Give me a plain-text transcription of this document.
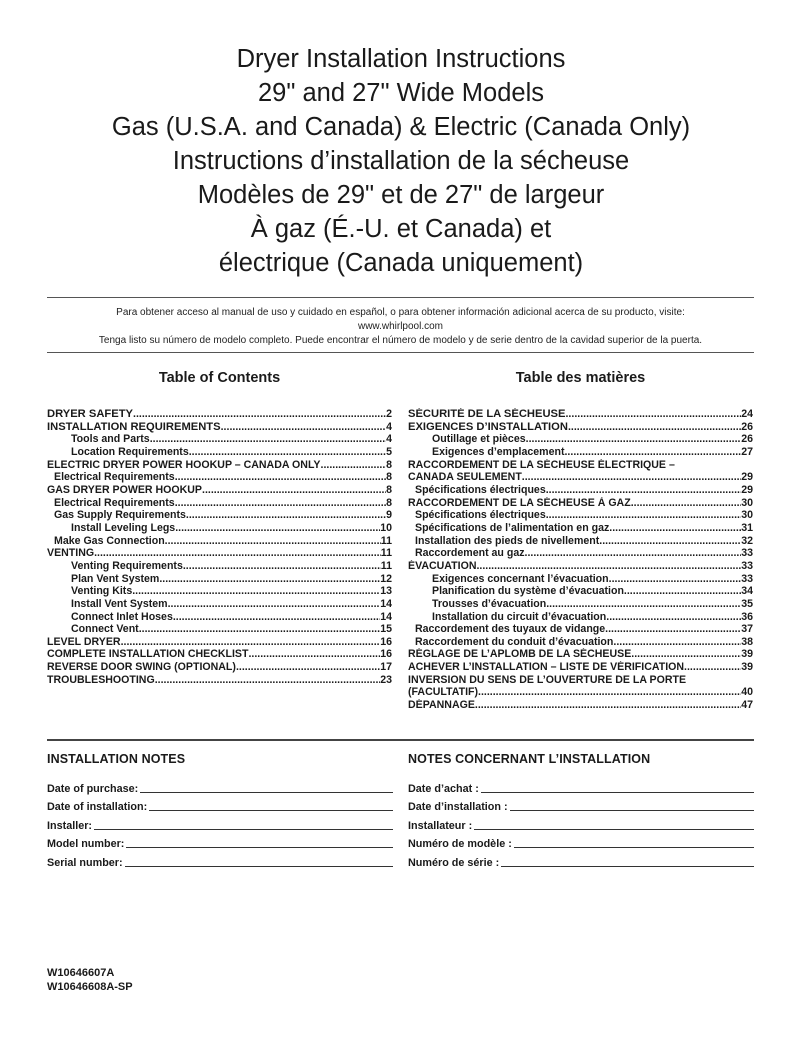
Dryer Installation Instructions
29" and 27" Wide Models
Gas (U.S.A. and Canada) & Electric (Canada Only)
Instructions d’installation de la sécheuse
Modèles de 29" et de 27" de largeur
À gaz (É.-U. et Canada) et
électrique (Canada uniquement)
Para obtener acceso al manual de uso y cuidado en español, o para obtener información adicional acerca de su producto, visite:
www.whirlpool.com
Tenga listo su número de modelo completo. Puede encontrar el número de modelo y de serie dentro de la cavidad superior de la puerta.
Table of Contents
DRYER SAFETY .....	2
INSTALLATION REQUIREMENTS .....	4
Tools and Parts .....	4
Location Requirements .....	5
ELECTRIC DRYER POWER HOOKUP – CANADA ONLY .....	8
Electrical Requirements .....	8
GAS DRYER POWER HOOKUP .....	8
Electrical Requirements .....	8
Gas Supply Requirements .....	9
Install Leveling Legs .....	10
Make Gas Connection .....	11
VENTING .....	11
Venting Requirements .....	11
Plan Vent System .....	12
Venting Kits .....	13
Install Vent System .....	14
Connect Inlet Hoses .....	14
Connect Vent .....	15
LEVEL DRYER .....	16
COMPLETE INSTALLATION CHECKLIST .....	16
REVERSE DOOR SWING (OPTIONAL) .....	17
TROUBLESHOOTING .....	23
Table des matières
SÉCURITÉ DE LA SÉCHEUSE .....	24
EXIGENCES D’INSTALLATION .....	26
Outillage et pièces .....	26
Exigences d’emplacement .....	27
RACCORDEMENT DE LA SÉCHEUSE ÉLECTRIQUE –
CANADA SEULEMENT .....	29
Spécifications électriques .....	29
RACCORDEMENT DE LA SÉCHEUSE À GAZ .....	30
Spécifications électriques .....	30
Spécifications de l’alimentation en gaz .....	31
Installation des pieds de nivellement .....	32
Raccordement au gaz .....	33
ÉVACUATION .....	33
Exigences concernant l’évacuation .....	33
Planification du système d’évacuation .....	34
Trousses d’évacuation .....	35
Installation du circuit d’évacuation .....	36
Raccordement des tuyaux de vidange .....	37
Raccordement du conduit d’évacuation .....	38
RÉGLAGE DE L’APLOMB DE LA SÉCHEUSE .....	39
ACHEVER L’INSTALLATION – LISTE DE VÉRIFICATION .....	39
INVERSION DU SENS DE L’OUVERTURE DE LA PORTE
(FACULTATIF) .....	40
DÉPANNAGE .....	47
INSTALLATION NOTES
Date of purchase:
Date of installation:
Installer:
Model number:
Serial number:
NOTES CONCERNANT L’INSTALLATION
Date d’achat :
Date d’installation :
Installateur :
Numéro de modèle :
Numéro de série :
W10646607A
W10646608A-SP
